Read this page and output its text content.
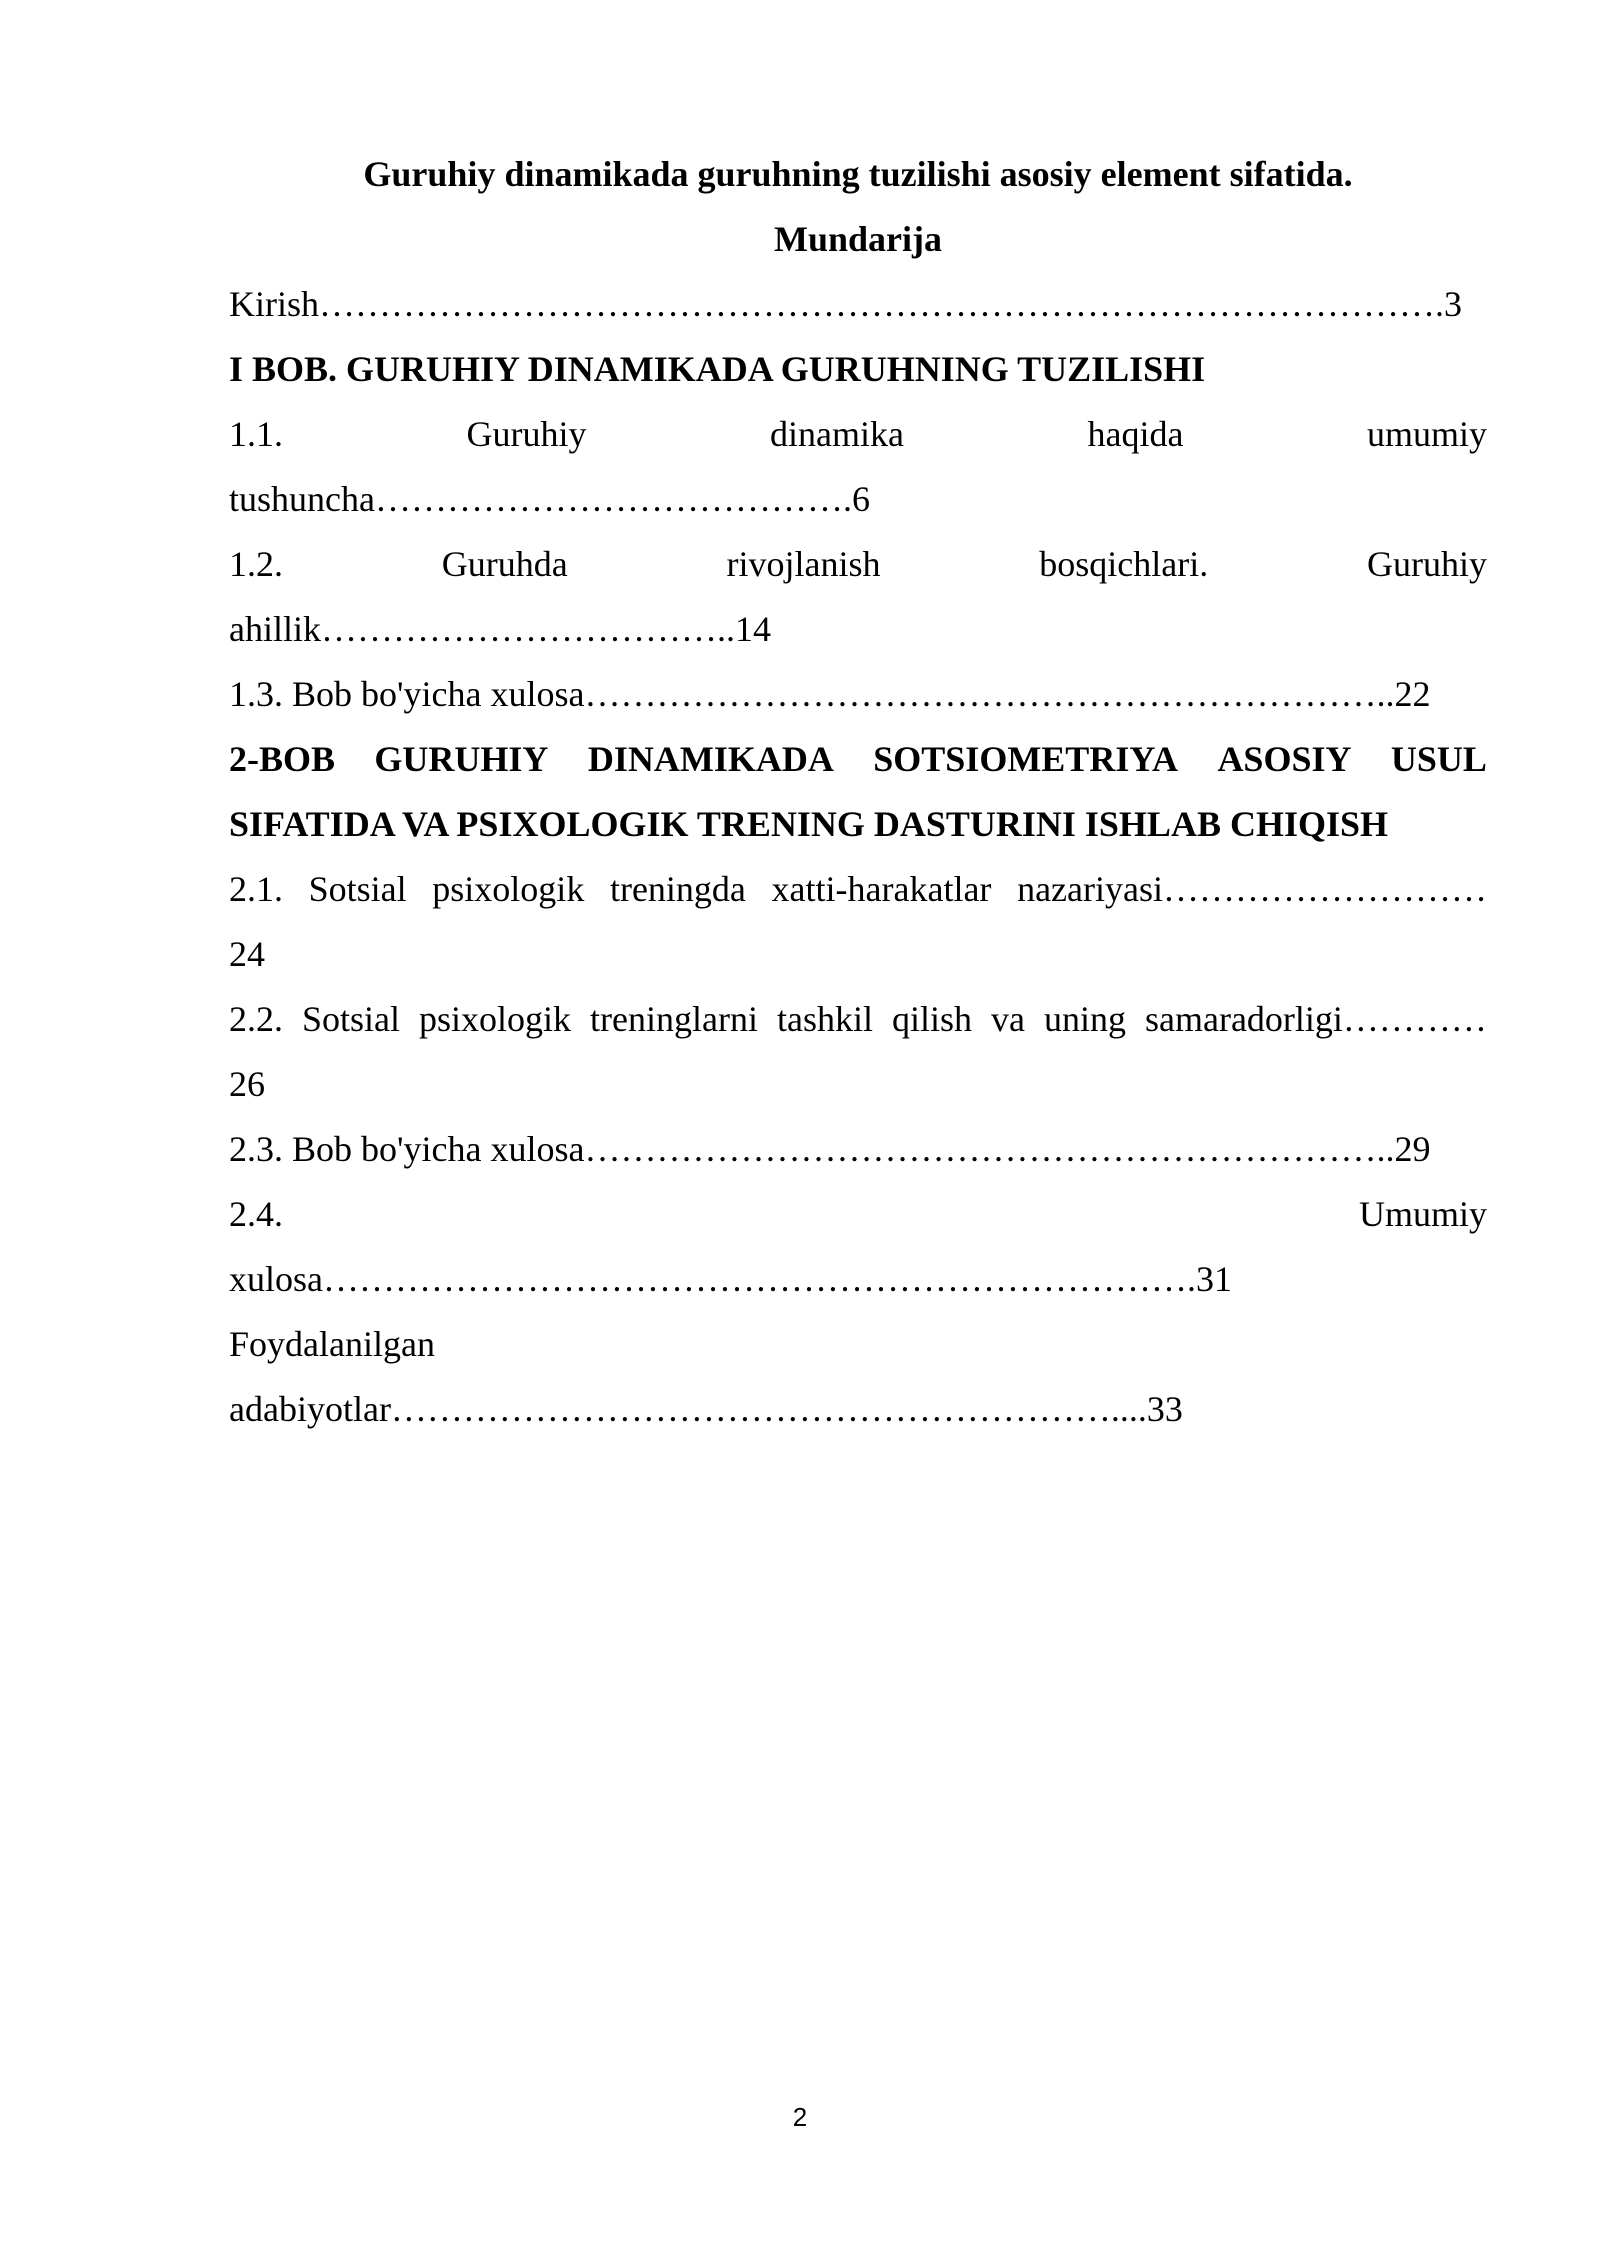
Guruhiy dinamikada guruhning tuzilishi asosiy element sifatida.

Mundarija

Kirish………………………………………………………………………………….3

I BOB. GURUHIY DINAMIKADA GURUHNING TUZILISHI

1.1.	Guruhiy	dinamika	haqida	umumiy

tushuncha………………………………….6

1.2.	Guruhda	rivojlanish	bosqichlari.	Guruhiy

ahillik……………………………..14

1.3. Bob bo'yicha xulosa…………………………………………………………..22

2-BOB GURUHIY DINAMIKADA SOTSIOMETRIYA ASOSIY USUL

SIFATIDA VA PSIXOLOGIK TRENING DASTURINI ISHLAB CHIQISH

2.1. Sotsial psixologik treningda xatti-harakatlar nazariyasi………………………

24

2.2. Sotsial psixologik treninglarni tashkil qilish va uning samaradorligi…………

26

2.3. Bob bo'yicha xulosa…………………………………………………………..29

2.4.	Umumiy

xulosa……………………………………………………………….31

Foydalanilgan

adabiyotlar……………………………………………………....33

2
